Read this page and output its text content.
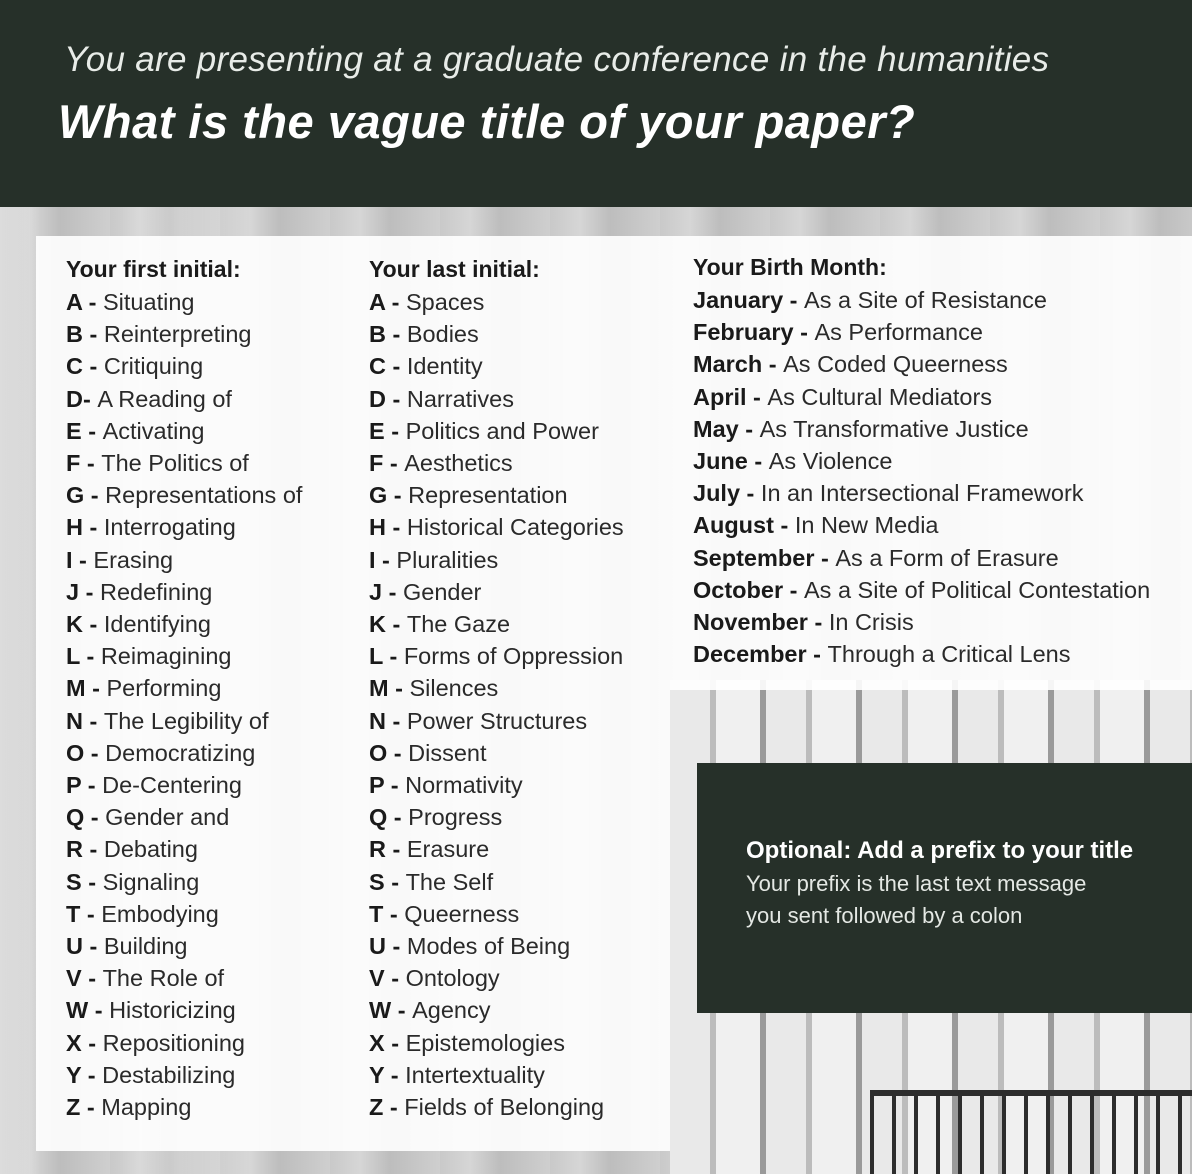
You are presenting at a graduate conference in the humanities
What is the vague title of your paper?
Your first initial:
A - Situating
B - Reinterpreting
C - Critiquing
D- A Reading of
E - Activating
F - The Politics of
G - Representations of
H - Interrogating
I - Erasing
J - Redefining
K - Identifying
L - Reimagining
M - Performing
N - The Legibility of
O - Democratizing
P - De-Centering
Q - Gender and
R - Debating
S - Signaling
T - Embodying
U - Building
V - The Role of
W - Historicizing
X - Repositioning
Y - Destabilizing
Z - Mapping
Your last initial:
A - Spaces
B - Bodies
C - Identity
D - Narratives
E - Politics and Power
F - Aesthetics
G - Representation
H - Historical Categories
I - Pluralities
J - Gender
K - The Gaze
L - Forms of Oppression
M - Silences
N - Power Structures
O - Dissent
P - Normativity
Q - Progress
R - Erasure
S - The Self
T - Queerness
U - Modes of Being
V - Ontology
W - Agency
X - Epistemologies
Y - Intertextuality
Z - Fields of Belonging
Your Birth Month:
January - As a Site of Resistance
February - As Performance
March - As Coded Queerness
April - As Cultural Mediators
May - As Transformative Justice
June - As Violence
July - In an Intersectional Framework
August - In New Media
September - As a Form of Erasure
October - As a Site of Political Contestation
November - In Crisis
December - Through a Critical Lens
Optional: Add a prefix to your title
Your prefix is the last text message
you sent followed by a colon
